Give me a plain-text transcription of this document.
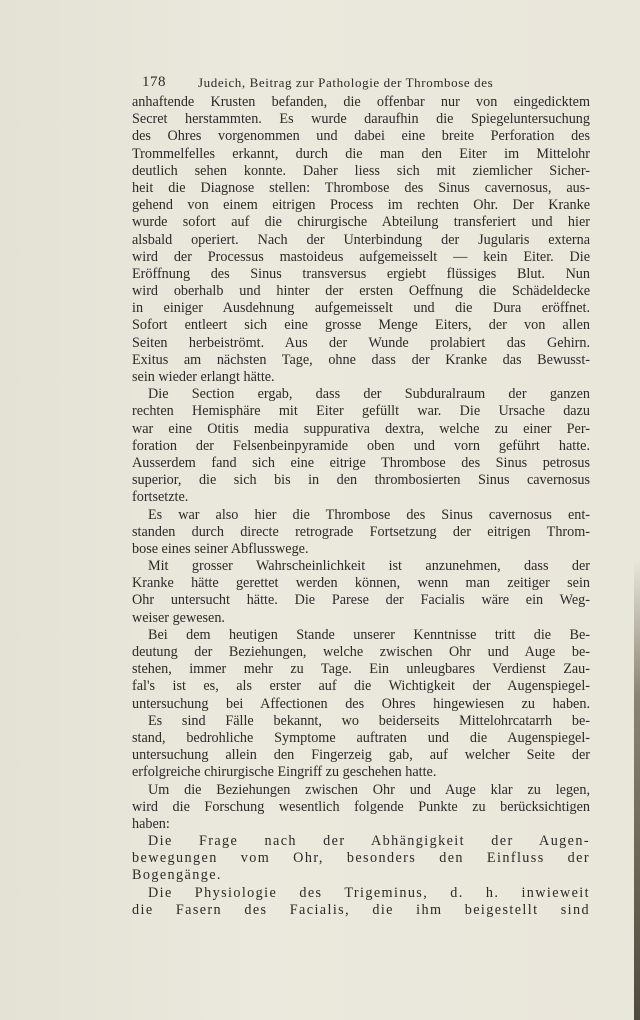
178 Judeich, Beitrag zur Pathologie der Thrombose des
anhaftende Krusten befanden, die offenbar nur von eingedicktem
Secret herstammten. Es wurde daraufhin die Spiegeluntersuchung
des Ohres vorgenommen und dabei eine breite Perforation des
Trommelfelles erkannt, durch die man den Eiter im Mittelohr
deutlich sehen konnte. Daher liess sich mit ziemlicher Sicher-
heit die Diagnose stellen: Thrombose des Sinus cavernosus, aus-
gehend von einem eitrigen Process im rechten Ohr. Der Kranke
wurde sofort auf die chirurgische Abteilung transferiert und hier
alsbald operiert. Nach der Unterbindung der Jugularis externa
wird der Processus mastoideus aufgemeisselt — kein Eiter. Die
Eröffnung des Sinus transversus ergiebt flüssiges Blut. Nun
wird oberhalb und hinter der ersten Oeffnung die Schädeldecke
in einiger Ausdehnung aufgemeisselt und die Dura eröffnet.
Sofort entleert sich eine grosse Menge Eiters, der von allen
Seiten herbeiströmt. Aus der Wunde prolabiert das Gehirn.
Exitus am nächsten Tage, ohne dass der Kranke das Bewusst-
sein wieder erlangt hätte.
Die Section ergab, dass der Subduralraum der ganzen
rechten Hemisphäre mit Eiter gefüllt war. Die Ursache dazu
war eine Otitis media suppurativa dextra, welche zu einer Per-
foration der Felsenbeinpyramide oben und vorn geführt hatte.
Ausserdem fand sich eine eitrige Thrombose des Sinus petrosus
superior, die sich bis in den thrombosierten Sinus cavernosus
fortsetzte.
Es war also hier die Thrombose des Sinus cavernosus ent-
standen durch directe retrograde Fortsetzung der eitrigen Throm-
bose eines seiner Abflusswege.
Mit grosser Wahrscheinlichkeit ist anzunehmen, dass der
Kranke hätte gerettet werden können, wenn man zeitiger sein
Ohr untersucht hätte. Die Parese der Facialis wäre ein Weg-
weiser gewesen.
Bei dem heutigen Stande unserer Kenntnisse tritt die Be-
deutung der Beziehungen, welche zwischen Ohr und Auge be-
stehen, immer mehr zu Tage. Ein unleugbares Verdienst Zau-
fal's ist es, als erster auf die Wichtigkeit der Augenspiegel-
untersuchung bei Affectionen des Ohres hingewiesen zu haben.
Es sind Fälle bekannt, wo beiderseits Mittelohrcatarrh be-
stand, bedrohliche Symptome auftraten und die Augenspiegel-
untersuchung allein den Fingerzeig gab, auf welcher Seite der
erfolgreiche chirurgische Eingriff zu geschehen hatte.
Um die Beziehungen zwischen Ohr und Auge klar zu legen,
wird die Forschung wesentlich folgende Punkte zu berücksichtigen
haben:
Die Frage nach der Abhängigkeit der Augen-
bewegungen vom Ohr, besonders den Einfluss der
Bogengänge.
Die Physiologie des Trigeminus, d. h. inwieweit
die Fasern des Facialis, die ihm beigestellt sind
